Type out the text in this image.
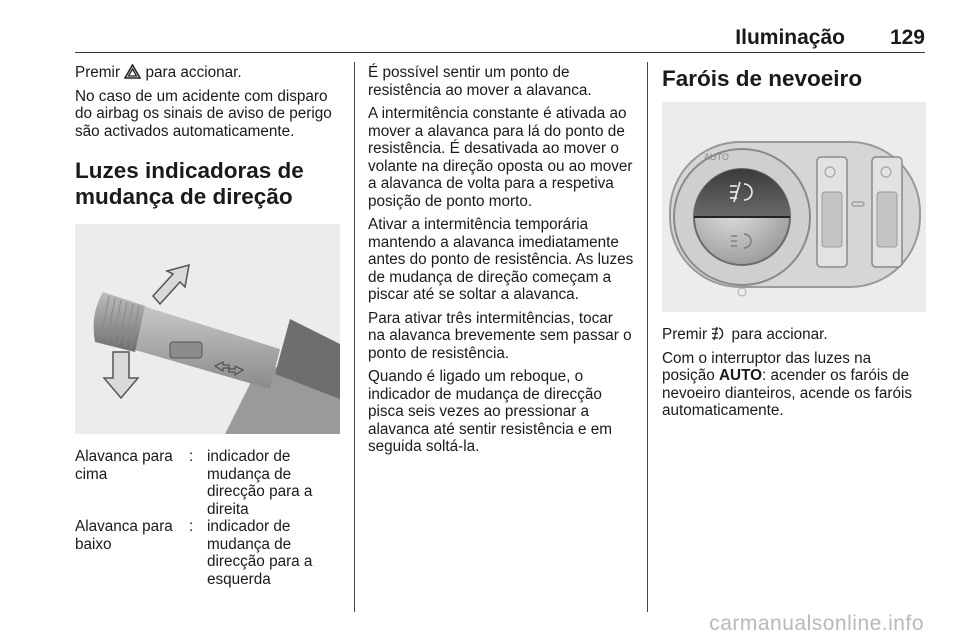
Iluminação 129

Premir para accionar.

No caso de um acidente com disparo do airbag os sinais de aviso de perigo são activados automaticamente.

Luzes indicadoras de
mudança de direção
Alavanca para cima	:	indicador de mudança de direcção para a direita
Alavanca para baixo	:	indicador de mudança de direcção para a esquerda

É possível sentir um ponto de resistência ao mover a alavanca.

A intermitência constante é ativada ao mover a alavanca para lá do ponto de resistência. É desativada ao mover o volante na direção oposta ou ao mover a alavanca de volta para a respetiva posição de ponto morto.

Ativar a intermitência temporária mantendo a alavanca imediatamente antes do ponto de resistência. As luzes de mudança de direção começam a piscar até se soltar a alavanca.

Para ativar três intermitências, tocar na alavanca brevemente sem passar o ponto de resistência.

Quando é ligado um reboque, o indicador de mudança de direcção pisca seis vezes ao pressionar a alavanca até sentir resistência e em seguida soltá-la.

Faróis de nevoeiro
AUTO

Premir para accionar.

Com o interruptor das luzes na posição AUTO: acender os faróis de nevoeiro dianteiros, acende os faróis automaticamente.

carmanualsonline.info
